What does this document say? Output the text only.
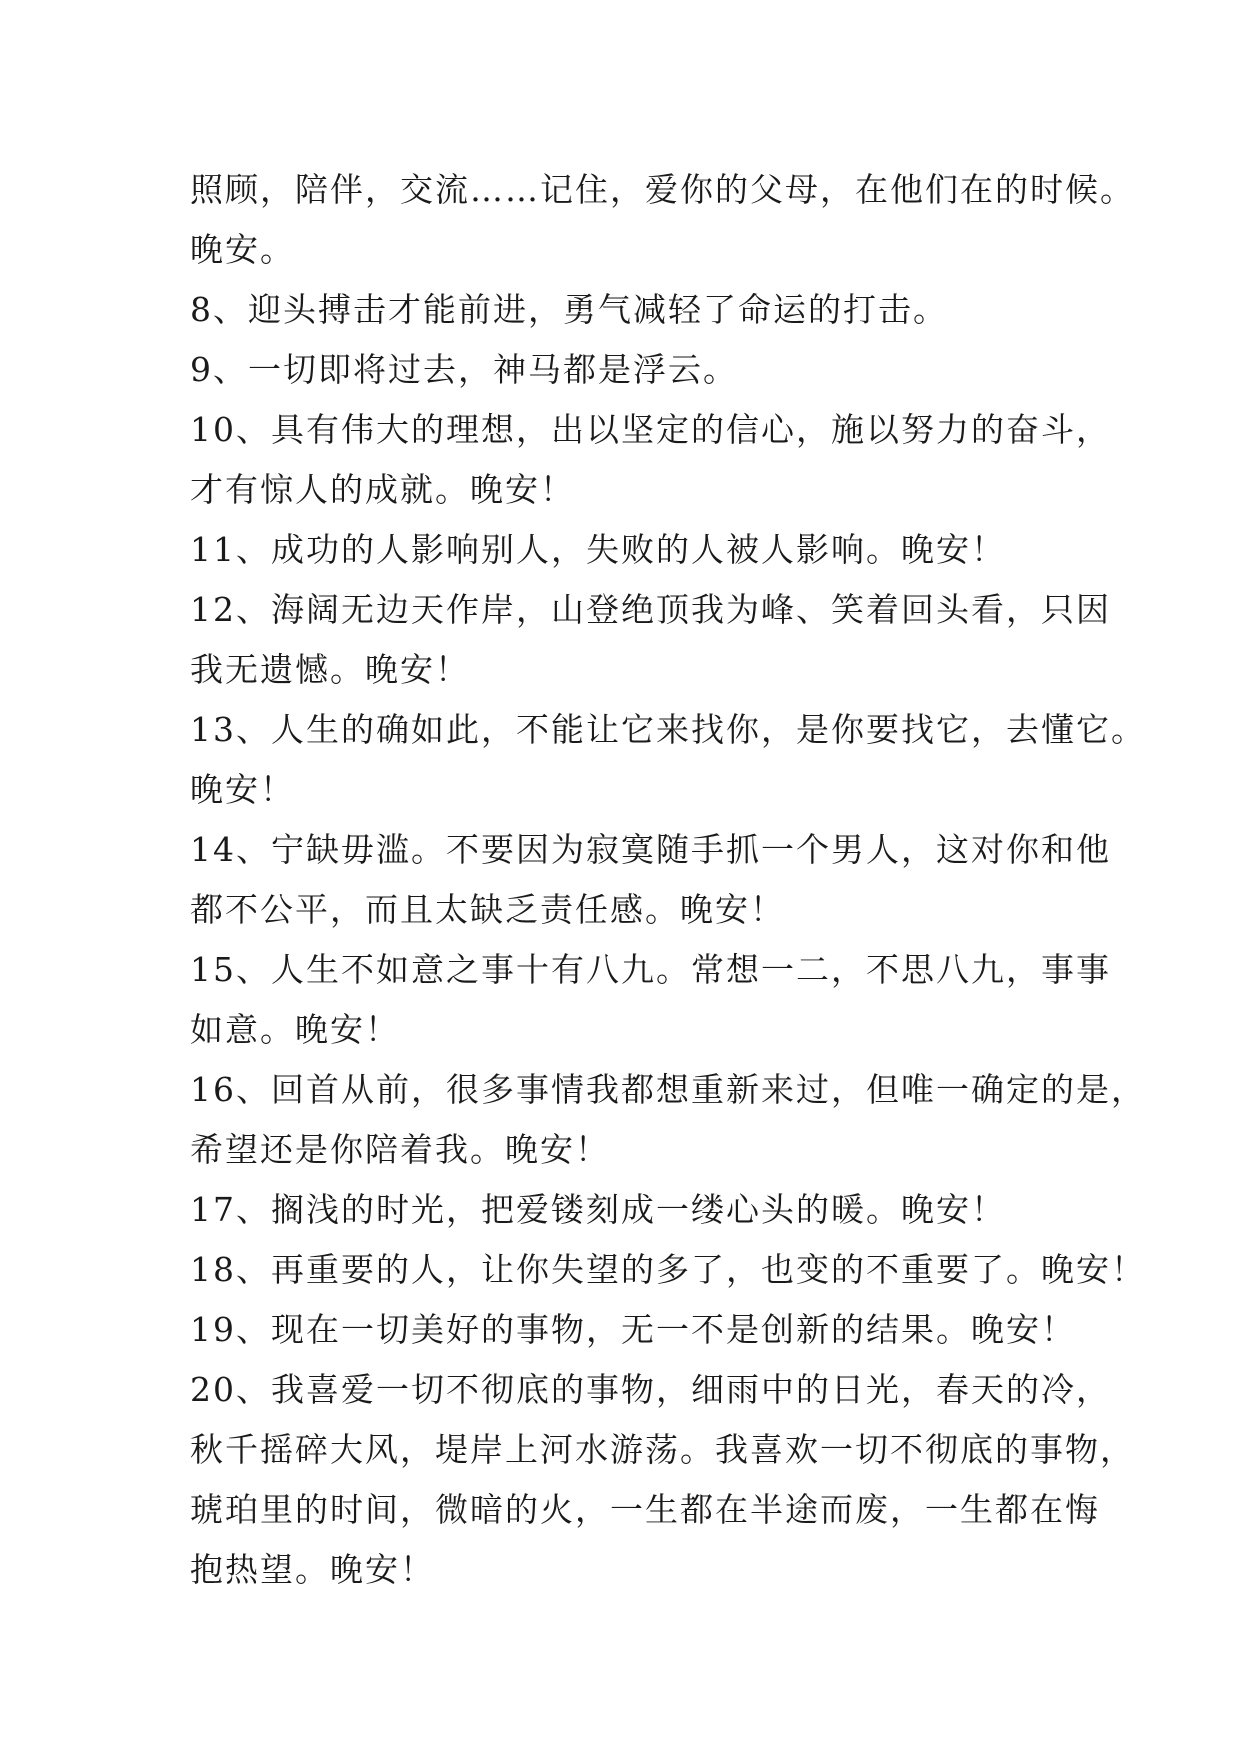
照顾，陪伴，交流……记住，爱你的父母，在他们在的时候。
晚安。
8、迎头搏击才能前进，勇气减轻了命运的打击。
9、一切即将过去，神马都是浮云。
10、具有伟大的理想，出以坚定的信心，施以努力的奋斗，
才有惊人的成就。晚安！
11、成功的人影响别人，失败的人被人影响。晚安！
12、海阔无边天作岸，山登绝顶我为峰、笑着回头看，只因
我无遗憾。晚安！
13、人生的确如此，不能让它来找你，是你要找它，去懂它。
晚安！
14、宁缺毋滥。不要因为寂寞随手抓一个男人，这对你和他
都不公平，而且太缺乏责任感。晚安！
15、人生不如意之事十有八九。常想一二，不思八九，事事
如意。晚安！
16、回首从前，很多事情我都想重新来过，但唯一确定的是，
希望还是你陪着我。晚安！
17、搁浅的时光，把爱镂刻成一缕心头的暖。晚安！
18、再重要的人，让你失望的多了，也变的不重要了。晚安！
19、现在一切美好的事物，无一不是创新的结果。晚安！
20、我喜爱一切不彻底的事物，细雨中的日光，春天的冷，
秋千摇碎大风，堤岸上河水游荡。我喜欢一切不彻底的事物，
琥珀里的时间，微暗的火，一生都在半途而废，一生都在悔
抱热望。晚安！
